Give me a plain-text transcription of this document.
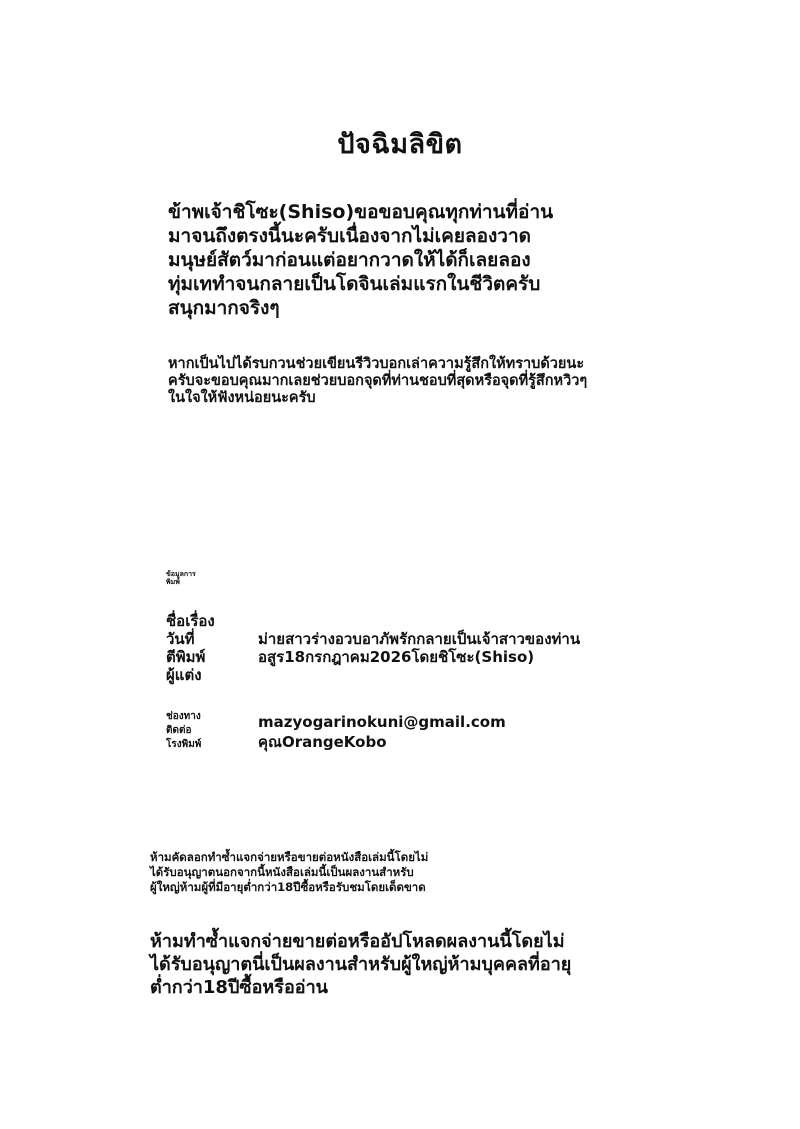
ปัจฉิมลิขิต
ข้าพเจ้าชิโซะ(Shiso)ขอขอบคุณทุกท่านที่อ่าน
มาจนถึงตรงนี้นะครับเนื่องจากไม่เคยลองวาด
มนุษย์สัตว์มาก่อนแต่อยากวาดให้ได้ก็เลยลอง
ทุ่มเททำจนกลายเป็นโดจินเล่มแรกในชีวิตครับ
สนุกมากจริงๆ
หากเป็นไปได้รบกวนช่วยเขียนรีวิวบอกเล่าความรู้สึกให้ทราบด้วยนะ
ครับจะขอบคุณมากเลยช่วยบอกจุดที่ท่านชอบที่สุดหรือจุดที่รู้สึกหวิวๆ
ในใจให้ฟังหน่อยนะครับ
ข้อมูลการ
พิมพ์
ชื่อเรื่อง
วันที่
ตีพิมพ์
ผู้แต่ง
ม่ายสาวร่างอวบอาภัพรักกลายเป็นเจ้าสาวของท่าน
อสูร18กรกฎาคม2026โดยชิโซะ(Shiso)
ช่องทาง
ติดต่อ
โรงพิมพ์
mazyogarinokuni@gmail.com
คุณOrangeKobo
ห้ามคัดลอกทำซ้ำแจกจ่ายหรือขายต่อหนังสือเล่มนี้โดยไม่
ได้รับอนุญาตนอกจากนี้หนังสือเล่มนี้เป็นผลงานสำหรับ
ผู้ใหญ่ห้ามผู้ที่มีอายุต่ำกว่า18ปีซื้อหรือรับชมโดยเด็ดขาด
ห้ามทำซ้ำแจกจ่ายขายต่อหรืออัปโหลดผลงานนี้โดยไม่
ได้รับอนุญาตนี่เป็นผลงานสำหรับผู้ใหญ่ห้ามบุคคลที่อายุ
ต่ำกว่า18ปีซื้อหรืออ่าน
